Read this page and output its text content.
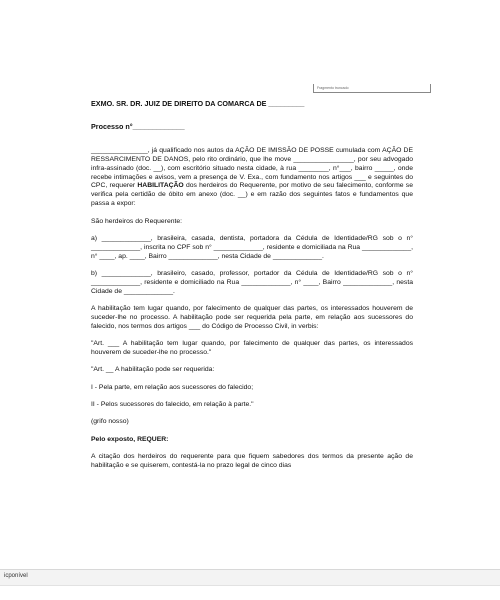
Fragmento truncado

EXMO. SR. DR. JUIZ DE DIREITO DA COMARCA DE _________

Processo n°_____________

_______________, já qualificado nos autos da AÇÃO DE IMISSÃO DE POSSE cumulada com AÇÃO DE RESSARCIMENTO DE DANOS, pelo rito ordinário, que lhe move ________________, por seu advogado infra-assinado (doc. __), com escritório situado nesta cidade, à rua ________, n°___, bairro _____, onde recebe intimações e avisos, vem a presença de V. Exa., com fundamento nos artigos ___ e seguintes do CPC, requerer HABILITAÇÃO dos herdeiros do Requerente, por motivo de seu falecimento, conforme se verifica pela certidão de óbito em anexo (doc. __) e em razão dos seguintes fatos e fundamentos que passa a expor:

São herdeiros do Requerente:

a) _____________, brasileira, casada, dentista, portadora da Cédula de Identidade/RG sob o n° _____________, inscrita no CPF sob n° _____________, residente e domiciliada na Rua _____________, n° ____, ap. ____, Bairro _____________, nesta Cidade de _____________.

b) _____________, brasileiro, casado, professor, portador da Cédula de Identidade/RG sob o n° _____________, residente e domiciliado na Rua _____________, n° ____, Bairro _____________, nesta Cidade de _____________.

A habilitação tem lugar quando, por falecimento de qualquer das partes, os interessados houverem de suceder-lhe no processo. A habilitação pode ser requerida pela parte, em relação aos sucessores do falecido, nos termos dos artigos ___ do Código de Processo Civil, in verbis:

"Art. ___ A habilitação tem lugar quando, por falecimento de qualquer das partes, os interessados houverem de suceder-lhe no processo."

"Art. __ A habilitação pode ser requerida:

I - Pela parte, em relação aos sucessores do falecido;

II - Pelos sucessores do falecido, em relação à parte."

(grifo nosso)

Pelo exposto, REQUER:

A citação dos herdeiros do requerente para que fiquem sabedores dos termos da presente ação de habilitação e se quiserem, contestá-la no prazo legal de cinco dias

icponível
